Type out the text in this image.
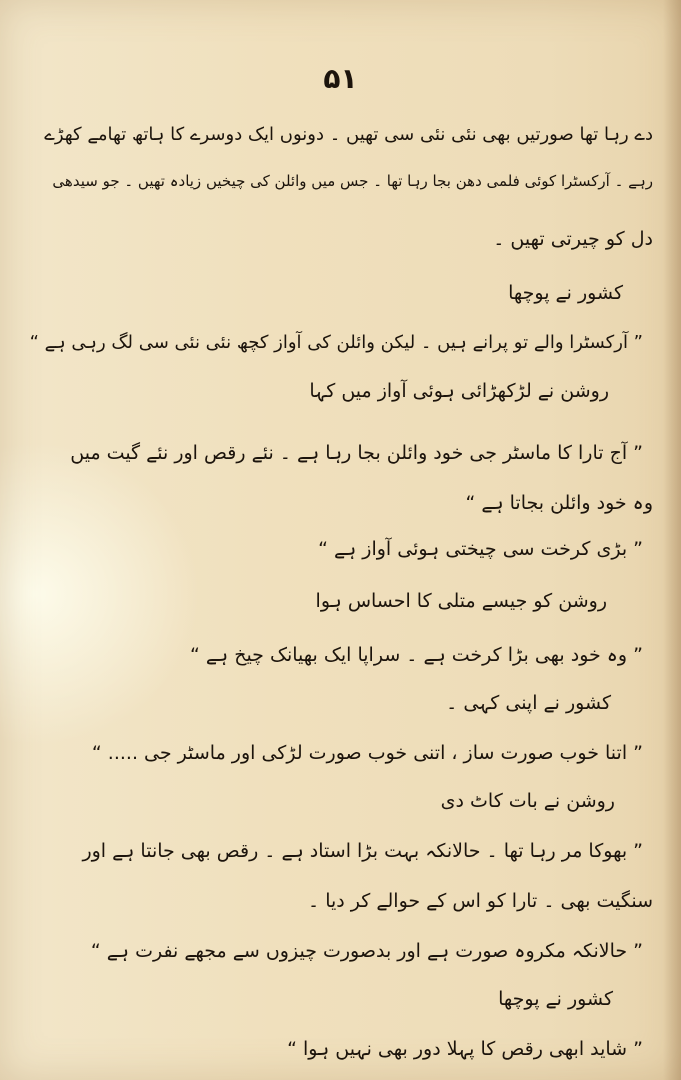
۵۱
دے رہا تھا صورتیں بھی نئی نئی سی تھیں ۔ دونوں ایک دوسرے کا ہاتھ تھامے کھڑے
رہے ۔ آرکسٹرا کوئی فلمی دھن بجا رہا تھا ۔ جس میں وائلن کی چیخیں زیادہ تھیں ۔ جو سیدھی
دل کو چیرتی تھیں ۔
کشور نے پوچھا
” آرکسٹرا والے تو پرانے ہیں ۔ لیکن وائلن کی آواز کچھ نئی نئی سی لگ رہی ہے “
روشن نے لڑکھڑائی ہوئی آواز میں کہا
” آج تارا کا ماسٹر جی خود وائلن بجا رہا ہے ۔ نئے رقص اور نئے گیت میں
وہ خود وائلن بجاتا ہے “
” بڑی کرخت سی چیختی ہوئی آواز ہے “
روشن کو جیسے متلی کا احساس ہوا
” وہ خود بھی بڑا کرخت ہے ۔ سراپا ایک بھیانک چیخ ہے “
کشور نے اپنی کہی ۔
” اتنا خوب صورت ساز ، اتنی خوب صورت لڑکی اور ماسٹر جی ..... “
روشن نے بات کاٹ دی
” بھوکا مر رہا تھا ۔ حالانکہ بہت بڑا استاد ہے ۔ رقص بھی جانتا ہے اور
سنگیت بھی ۔ تارا کو اس کے حوالے کر دیا ۔
” حالانکہ مکروہ صورت ہے اور بدصورت چیزوں سے مجھے نفرت ہے “
کشور نے پوچھا
” شاید ابھی رقص کا پہلا دور بھی نہیں ہوا “
